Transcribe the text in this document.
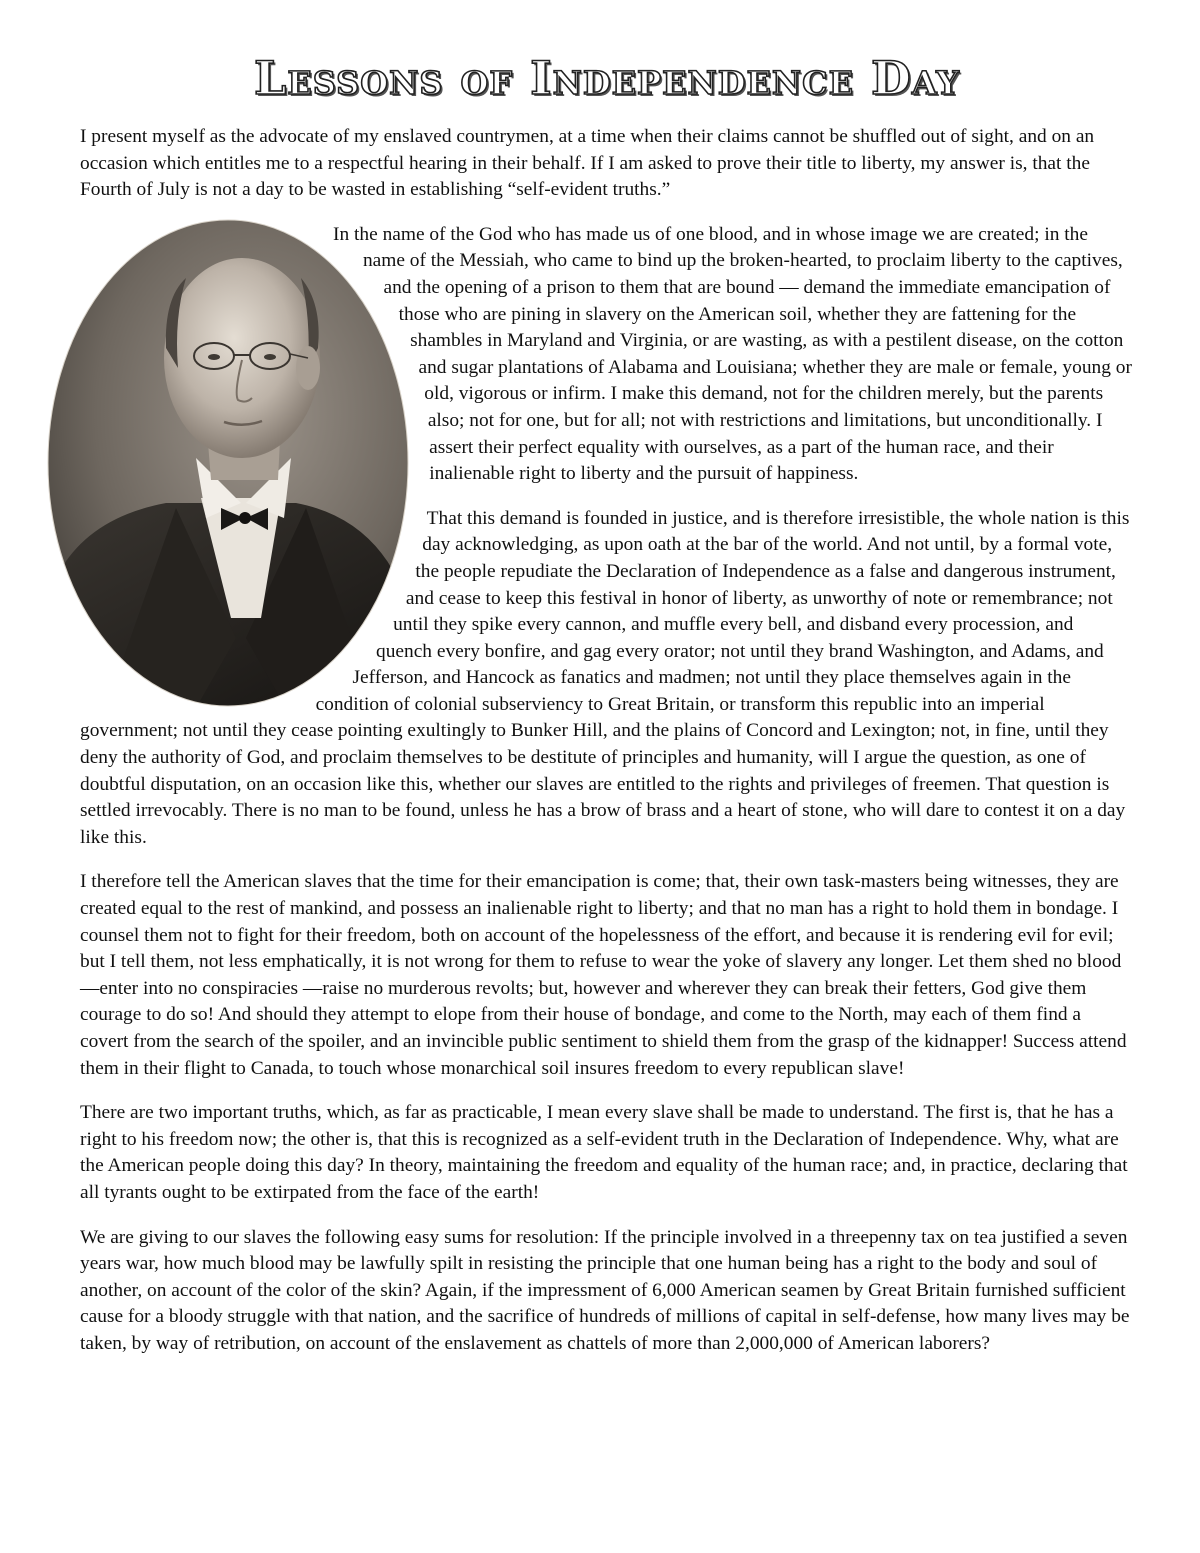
Lessons of Independence Day

I present myself as the advocate of my enslaved countrymen, at a time when their claims cannot be shuffled out of sight, and on an occasion which entitles me to a respectful hearing in their behalf. If I am asked to prove their title to liberty, my answer is, that the Fourth of July is not a day to be wasted in establishing “self-evident truths.”

In the name of the God who has made us of one blood, and in whose image we are created; in the name of the Messiah, who came to bind up the broken-hearted, to proclaim liberty to the captives, and the opening of a prison to them that are bound — demand the immediate emancipation of those who are pining in slavery on the American soil, whether they are fattening for the shambles in Maryland and Virginia, or are wasting, as with a pestilent disease, on the cotton and sugar plantations of Alabama and Louisiana; whether they are male or female, young or old, vigorous or infirm. I make this demand, not for the children merely, but the parents also; not for one, but for all; not with restrictions and limitations, but unconditionally. I assert their perfect equality with ourselves, as a part of the human race, and their inalienable right to liberty and the pursuit of happiness.

That this demand is founded in justice, and is therefore irresistible, the whole nation is this day acknowledging, as upon oath at the bar of the world. And not until, by a formal vote, the people repudiate the Declaration of Independence as a false and dangerous instrument, and cease to keep this festival in honor of liberty, as unworthy of note or remembrance; not until they spike every cannon, and muffle every bell, and disband every procession, and quench every bonfire, and gag every orator; not until they brand Washington, and Adams, and Jefferson, and Hancock as fanatics and madmen; not until they place themselves again in the condition of colonial subserviency to Great Britain, or transform this republic into an imperial government; not until they cease pointing exultingly to Bunker Hill, and the plains of Concord and Lexington; not, in fine, until they deny the authority of God, and proclaim themselves to be destitute of principles and humanity, will I argue the question, as one of doubtful disputation, on an occasion like this, whether our slaves are entitled to the rights and privileges of freemen. That question is settled irrevocably. There is no man to be found, unless he has a brow of brass and a heart of stone, who will dare to contest it on a day like this.

I therefore tell the American slaves that the time for their emancipation is come; that, their own task-masters being witnesses, they are created equal to the rest of mankind, and possess an inalienable right to liberty; and that no man has a right to hold them in bondage. I counsel them not to fight for their freedom, both on account of the hopelessness of the effort, and because it is rendering evil for evil; but I tell them, not less emphatically, it is not wrong for them to refuse to wear the yoke of slavery any longer. Let them shed no blood—enter into no conspiracies —raise no murderous revolts; but, however and wherever they can break their fetters, God give them courage to do so! And should they attempt to elope from their house of bondage, and come to the North, may each of them find a covert from the search of the spoiler, and an invincible public sentiment to shield them from the grasp of the kidnapper! Success attend them in their flight to Canada, to touch whose monarchical soil insures freedom to every republican slave!

There are two important truths, which, as far as practicable, I mean every slave shall be made to understand. The first is, that he has a right to his freedom now; the other is, that this is recognized as a self-evident truth in the Declaration of Independence. Why, what are the American people doing this day? In theory, maintaining the freedom and equality of the human race; and, in practice, declaring that all tyrants ought to be extirpated from the face of the earth!

We are giving to our slaves the following easy sums for resolution: If the principle involved in a threepenny tax on tea justified a seven years war, how much blood may be lawfully spilt in resisting the principle that one human being has a right to the body and soul of another, on account of the color of the skin? Again, if the impressment of 6,000 American seamen by Great Britain furnished sufficient cause for a bloody struggle with that nation, and the sacrifice of hundreds of millions of capital in self-defense, how many lives may be taken, by way of retribution, on account of the enslavement as chattels of more than 2,000,000 of American laborers?
